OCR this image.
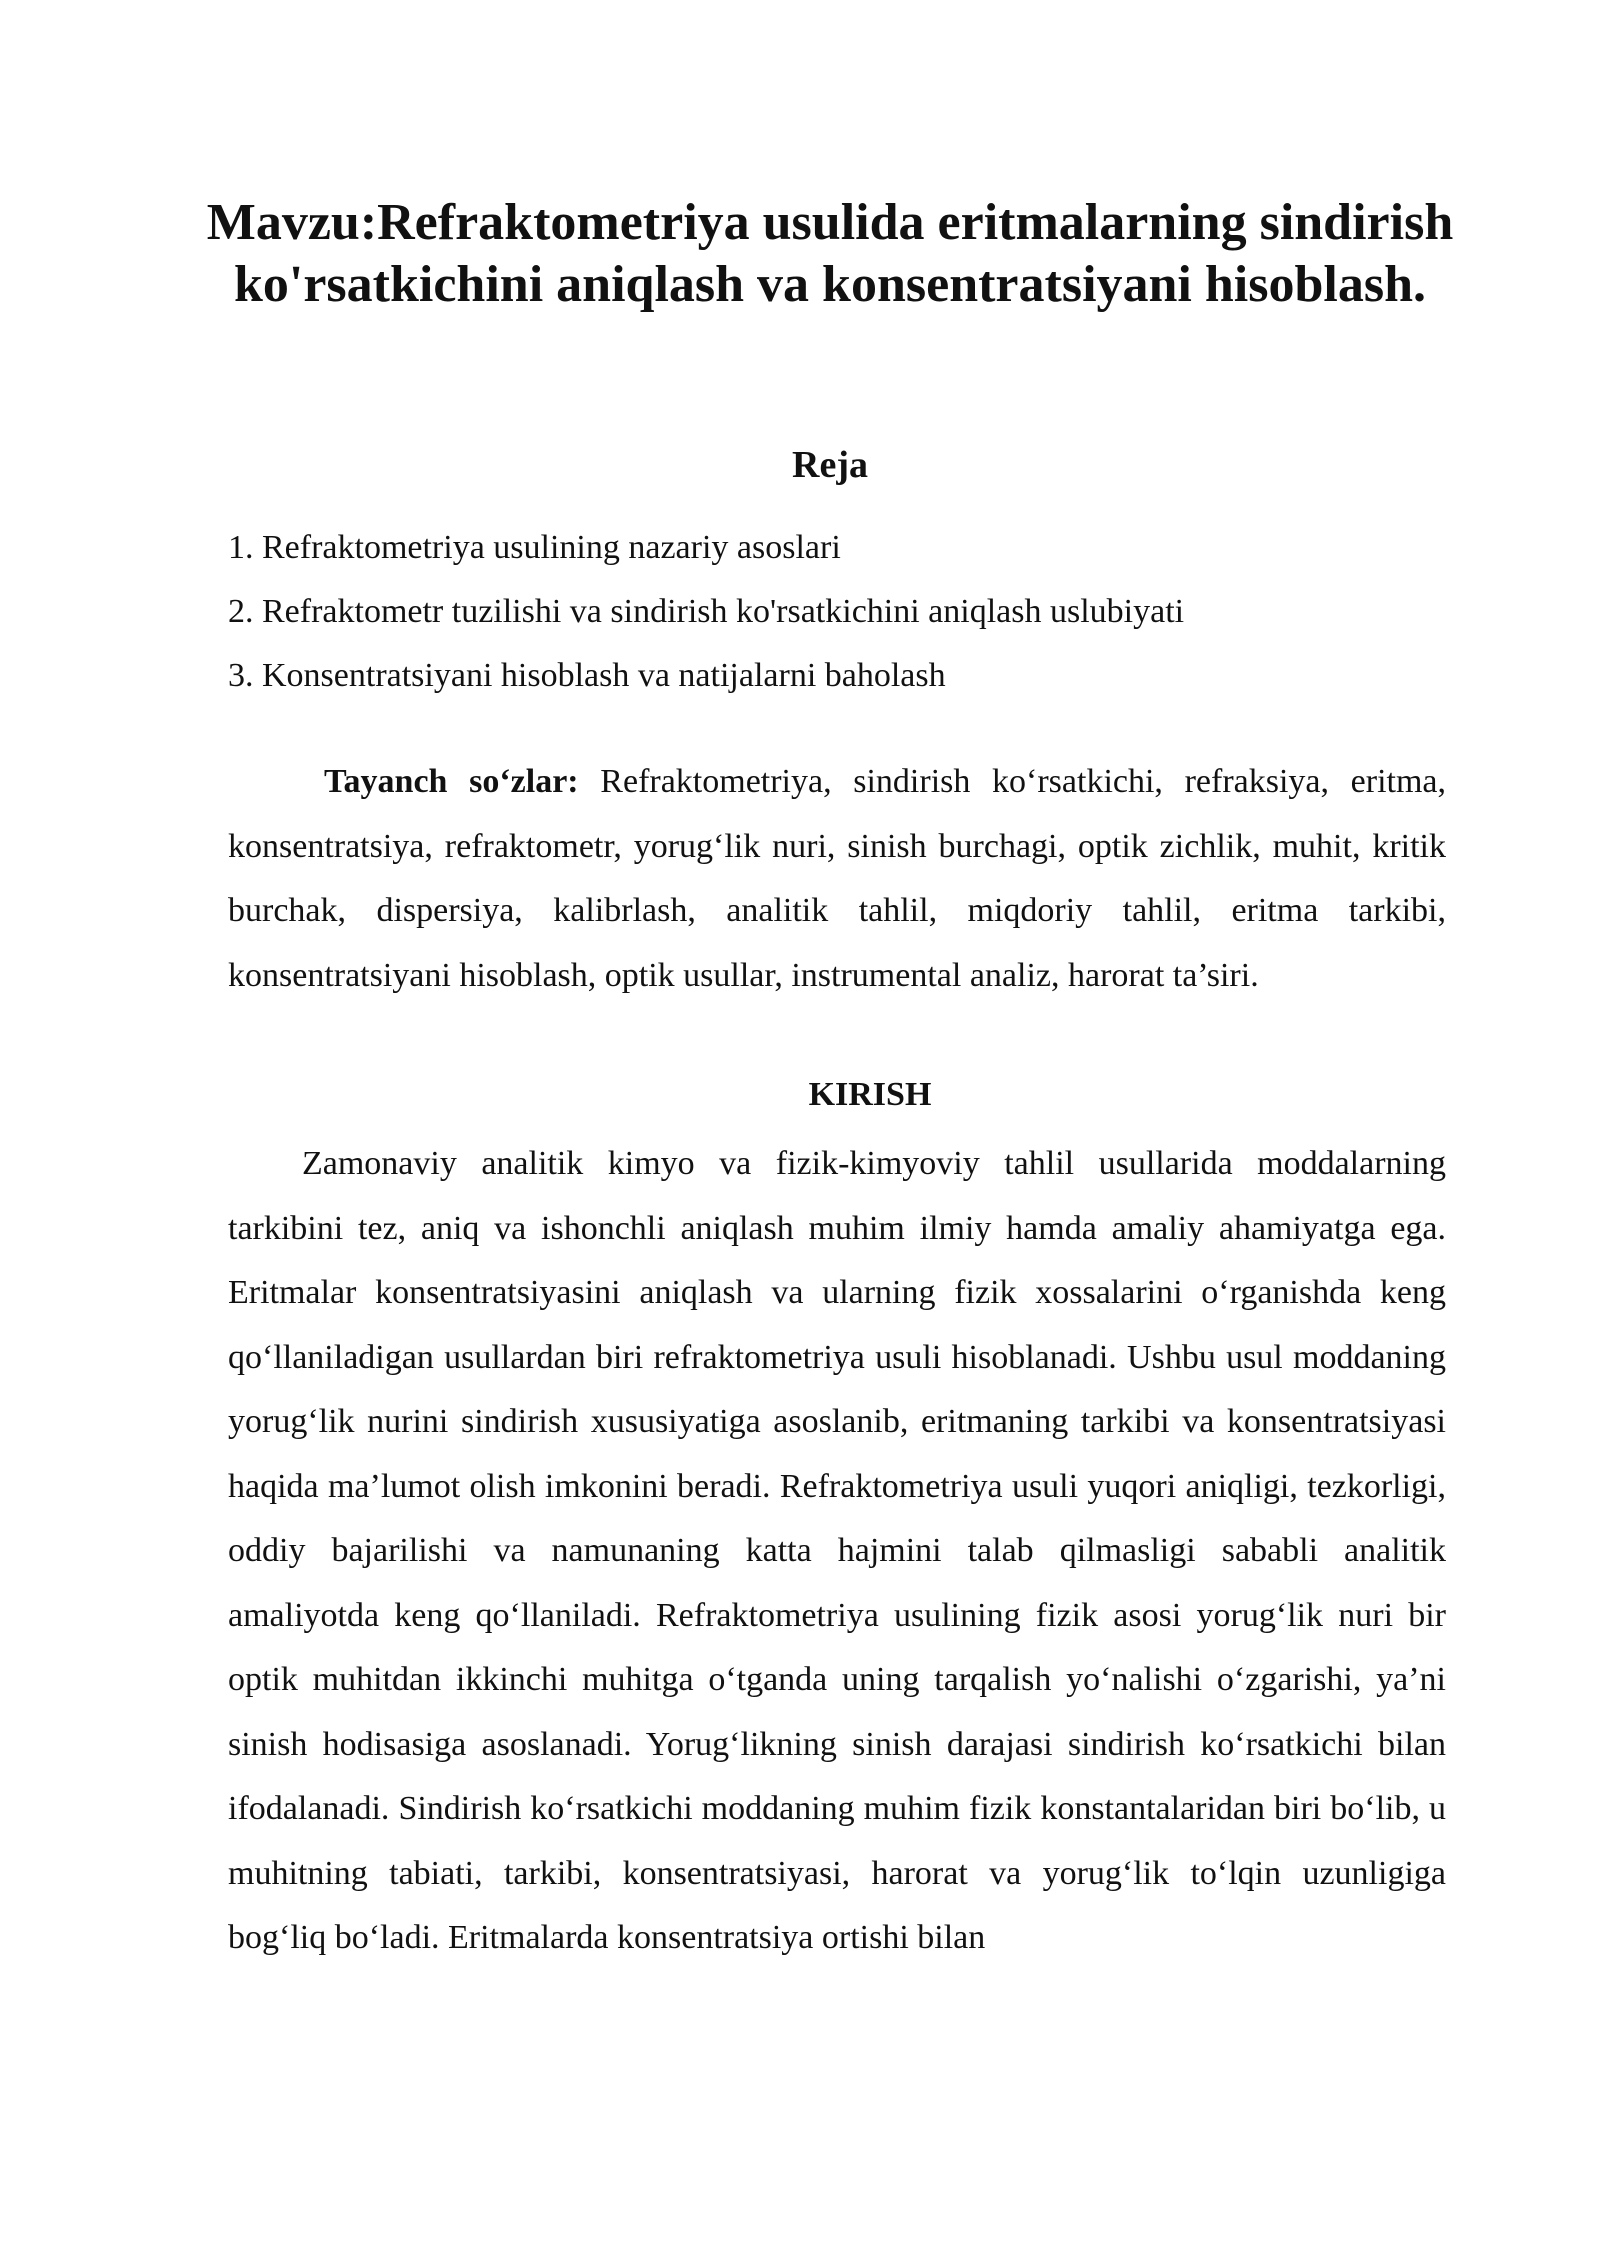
Mavzu:Refraktometriya usulida eritmalarning sindirish ko'rsatkichini aniqlash va konsentratsiyani hisoblash.
Reja
1. Refraktometriya usulining nazariy asoslari
2. Refraktometr tuzilishi va sindirish ko'rsatkichini aniqlash uslubiyati
3. Konsentratsiyani hisoblash va natijalarni baholash

Tayanch so‘zlar: Refraktometriya, sindirish ko‘rsatkichi, refraksiya, eritma, konsentratsiya, refraktometr, yorug‘lik nuri, sinish burchagi, optik zichlik, muhit, kritik burchak, dispersiya, kalibrlash, analitik tahlil, miqdoriy tahlil, eritma tarkibi, konsentratsiyani hisoblash, optik usullar, instrumental analiz, harorat ta’siri.

KIRISH

Zamonaviy analitik kimyo va fizik-kimyoviy tahlil usullarida moddalarning tarkibini tez, aniq va ishonchli aniqlash muhim ilmiy hamda amaliy ahamiyatga ega. Eritmalar konsentratsiyasini aniqlash va ularning fizik xossalarini o‘rganishda keng qo‘llaniladigan usullardan biri refraktometriya usuli hisoblanadi. Ushbu usul moddaning yorug‘lik nurini sindirish xususiyatiga asoslanib, eritmaning tarkibi va konsentratsiyasi haqida ma’lumot olish imkonini beradi. Refraktometriya usuli yuqori aniqligi, tezkorligi, oddiy bajarilishi va namunaning katta hajmini talab qilmasligi sababli analitik amaliyotda keng qo‘llaniladi. Refraktometriya usulining fizik asosi yorug‘lik nuri bir optik muhitdan ikkinchi muhitga o‘tganda uning tarqalish yo‘nalishi o‘zgarishi, ya’ni sinish hodisasiga asoslanadi. Yorug‘likning sinish darajasi sindirish ko‘rsatkichi bilan ifodalanadi. Sindirish ko‘rsatkichi moddaning muhim fizik konstantalaridan biri bo‘lib, u muhitning tabiati, tarkibi, konsentratsiyasi, harorat va yorug‘lik to‘lqin uzunligiga bog‘liq bo‘ladi. Eritmalarda konsentratsiya ortishi bilan
